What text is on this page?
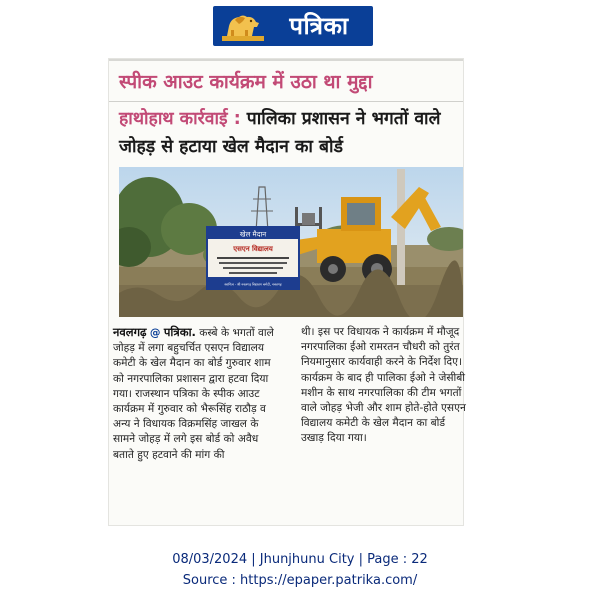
पत्रिका
स्पीक आउट कार्यक्रम में उठा था मुद्दा
हाथोहाथ कार्रवाई : पालिका प्रशासन ने भगतों वाले जोहड़ से हटाया खेल मैदान का बोर्ड
खेल मैदान
एसएन विद्यालय
स्वामित्व - श्री नवलगढ़ विद्यालय कमेटी, नवलगढ़
नवलगढ़ @ पत्रिका. कस्बे के भगतों वाले जोहड़ में लगा बहुचर्चित एसएन विद्यालय कमेटी के खेल मैदान का बोर्ड गुरुवार शाम को नगरपालिका प्रशासन द्वारा हटवा दिया गया। राजस्थान पत्रिका के स्पीक आउट कार्यक्रम में गुरुवार को भैरूसिंह राठौड़ व अन्य ने विधायक विक्रमसिंह जाखल के सामने जोहड़ में लगे इस बोर्ड को अवैध बताते हुए हटवाने की मांग की
थी। इस पर विधायक ने कार्यक्रम में मौजूद नगरपालिका ईओ रामरतन चौधरी को तुरंत नियमानुसार कार्यवाही करने के निर्देश दिए। कार्यक्रम के बाद ही पालिका ईओ ने जेसीबी मशीन के साथ नगरपालिका की टीम भगतों वाले जोहड़ भेजी और शाम होते-होते एसएन विद्यालय कमेटी के खेल मैदान का बोर्ड उखाड़ दिया गया।
08/03/2024 | Jhunjhunu City | Page : 22
Source : https://epaper.patrika.com/
